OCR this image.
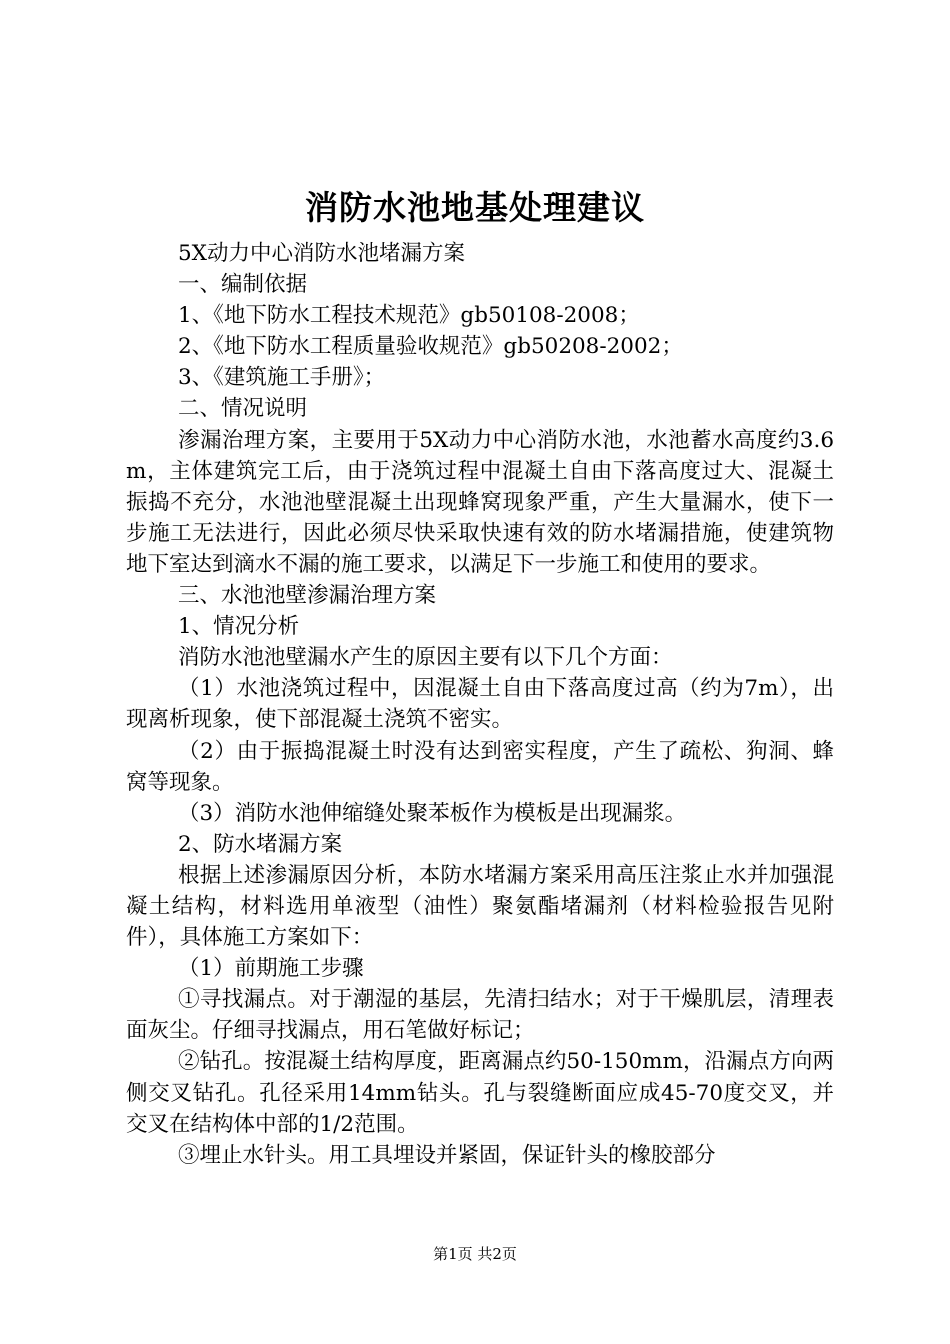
消防水池地基处理建议

5X动力中心消防水池堵漏方案

一、编制依据

1、《地下防水工程技术规范》gb50108-2008；

2、《地下防水工程质量验收规范》gb50208-2002；

3、《建筑施工手册》；

二、情况说明

渗漏治理方案，主要用于5X动力中心消防水池，水池蓄水高度约3.6m，主体建筑完工后，由于浇筑过程中混凝土自由下落高度过大、混凝土振捣不充分，水池池壁混凝土出现蜂窝现象严重，产生大量漏水，使下一步施工无法进行，因此必须尽快采取快速有效的防水堵漏措施，使建筑物地下室达到滴水不漏的施工要求，以满足下一步施工和使用的要求。

三、水池池壁渗漏治理方案

1、情况分析

消防水池池壁漏水产生的原因主要有以下几个方面：

（1）水池浇筑过程中，因混凝土自由下落高度过高（约为7m），出现离析现象，使下部混凝土浇筑不密实。

（2）由于振捣混凝土时没有达到密实程度，产生了疏松、狗洞、蜂窝等现象。

（3）消防水池伸缩缝处聚苯板作为模板是出现漏浆。

2、防水堵漏方案

根据上述渗漏原因分析，本防水堵漏方案采用高压注浆止水并加强混凝土结构，材料选用单液型（油性）聚氨酯堵漏剂（材料检验报告见附件），具体施工方案如下：

（1）前期施工步骤

①寻找漏点。对于潮湿的基层，先清扫结水；对于干燥肌层，清理表面灰尘。仔细寻找漏点，用石笔做好标记；

②钻孔。按混凝土结构厚度，距离漏点约50-150mm，沿漏点方向两侧交叉钻孔。孔径采用14mm钻头。孔与裂缝断面应成45-70度交叉，并交叉在结构体中部的1/2范围。

③埋止水针头。用工具埋设并紧固，保证针头的橡胶部分

第1页 共2页
